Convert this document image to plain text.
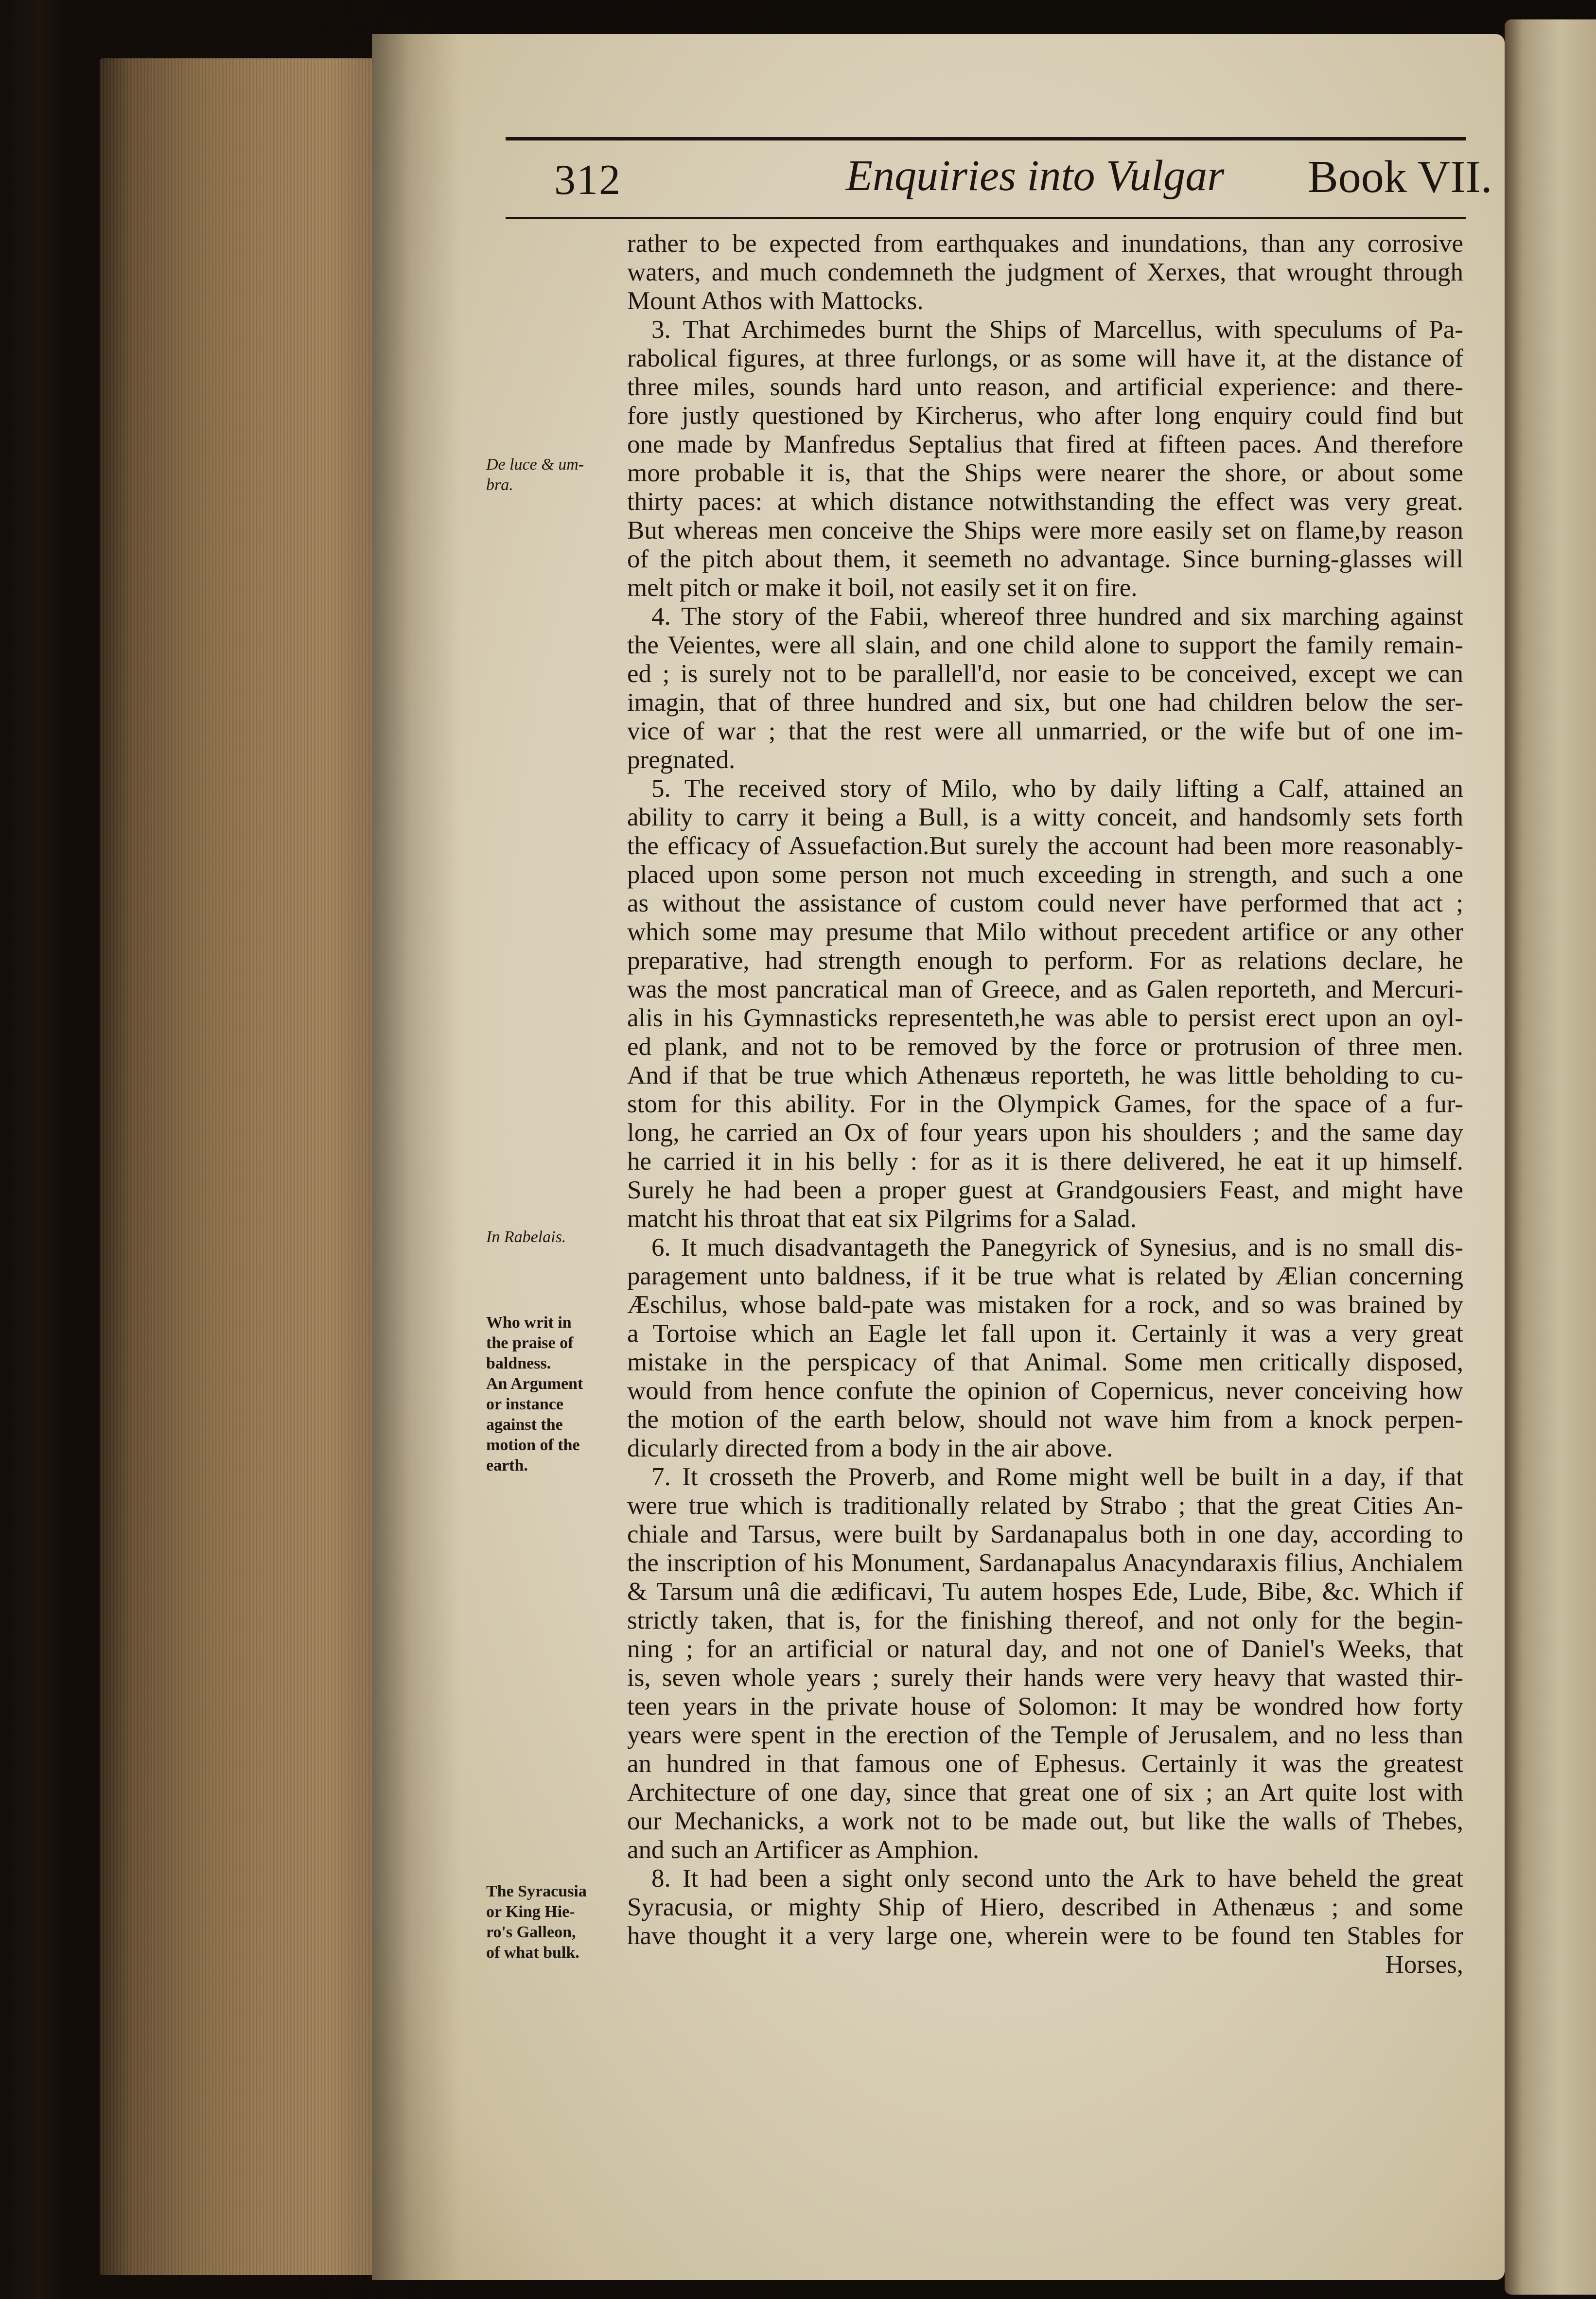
312	Enquiries into Vulgar Book VII.
De luce & um-
bra.
In Rabelais.
Who writ in
the praise of
baldness.
An Argument
or instance
against the
motion of the
earth.
The Syracusia
or King Hie-
ro's Galleon,
of what bulk.
rather to be expected from earthquakes and inundations, than any corrosive
waters, and much condemneth the judgment of Xerxes, that wrought through
Mount Athos with Mattocks.
3. That Archimedes burnt the Ships of Marcellus, with speculums of Pa-
rabolical figures, at three furlongs, or as some will have it, at the distance of
three miles, sounds hard unto reason, and artificial experience: and there-
fore justly questioned by Kircherus, who after long enquiry could find but
one made by Manfredus Septalius that fired at fifteen paces. And therefore
more probable it is, that the Ships were nearer the shore, or about some
thirty paces: at which distance notwithstanding the effect was very great.
But whereas men conceive the Ships were more easily set on flame,by reason
of the pitch about them, it seemeth no advantage. Since burning-glasses will
melt pitch or make it boil, not easily set it on fire.
4. The story of the Fabii, whereof three hundred and six marching against
the Veientes, were all slain, and one child alone to support the family remain-
ed ; is surely not to be parallell'd, nor easie to be conceived, except we can
imagin, that of three hundred and six, but one had children below the ser-
vice of war ; that the rest were all unmarried, or the wife but of one im-
pregnated.
5. The received story of Milo, who by daily lifting a Calf, attained an
ability to carry it being a Bull, is a witty conceit, and handsomly sets forth
the efficacy of Assuefaction.But surely the account had been more reasonably-
placed upon some person not much exceeding in strength, and such a one
as without the assistance of custom could never have performed that act ;
which some may presume that Milo without precedent artifice or any other
preparative, had strength enough to perform. For as relations declare, he
was the most pancratical man of Greece, and as Galen reporteth, and Mercuri-
alis in his Gymnasticks representeth,he was able to persist erect upon an oyl-
ed plank, and not to be removed by the force or protrusion of three men.
And if that be true which Athenæus reporteth, he was little beholding to cu-
stom for this ability. For in the Olympick Games, for the space of a fur-
long, he carried an Ox of four years upon his shoulders ; and the same day
he carried it in his belly : for as it is there delivered, he eat it up himself.
Surely he had been a proper guest at Grandgousiers Feast, and might have
matcht his throat that eat six Pilgrims for a Salad.
6. It much disadvantageth the Panegyrick of Synesius, and is no small dis-
paragement unto baldness, if it be true what is related by Ælian concerning
Æschilus, whose bald-pate was mistaken for a rock, and so was brained by
a Tortoise which an Eagle let fall upon it. Certainly it was a very great
mistake in the perspicacy of that Animal. Some men critically disposed,
would from hence confute the opinion of Copernicus, never conceiving how
the motion of the earth below, should not wave him from a knock perpen-
dicularly directed from a body in the air above.
7. It crosseth the Proverb, and Rome might well be built in a day, if that
were true which is traditionally related by Strabo ; that the great Cities An-
chiale and Tarsus, were built by Sardanapalus both in one day, according to
the inscription of his Monument, Sardanapalus Anacyndaraxis filius, Anchialem
& Tarsum unâ die ædificavi, Tu autem hospes Ede, Lude, Bibe, &c. Which if
strictly taken, that is, for the finishing thereof, and not only for the begin-
ning ; for an artificial or natural day, and not one of Daniel's Weeks, that
is, seven whole years ; surely their hands were very heavy that wasted thir-
teen years in the private house of Solomon: It may be wondred how forty
years were spent in the erection of the Temple of Jerusalem, and no less than
an hundred in that famous one of Ephesus. Certainly it was the greatest
Architecture of one day, since that great one of six ; an Art quite lost with
our Mechanicks, a work not to be made out, but like the walls of Thebes,
and such an Artificer as Amphion.
8. It had been a sight only second unto the Ark to have beheld the great
Syracusia, or mighty Ship of Hiero, described in Athenæus ; and some
have thought it a very large one, wherein were to be found ten Stables for
Horses,
